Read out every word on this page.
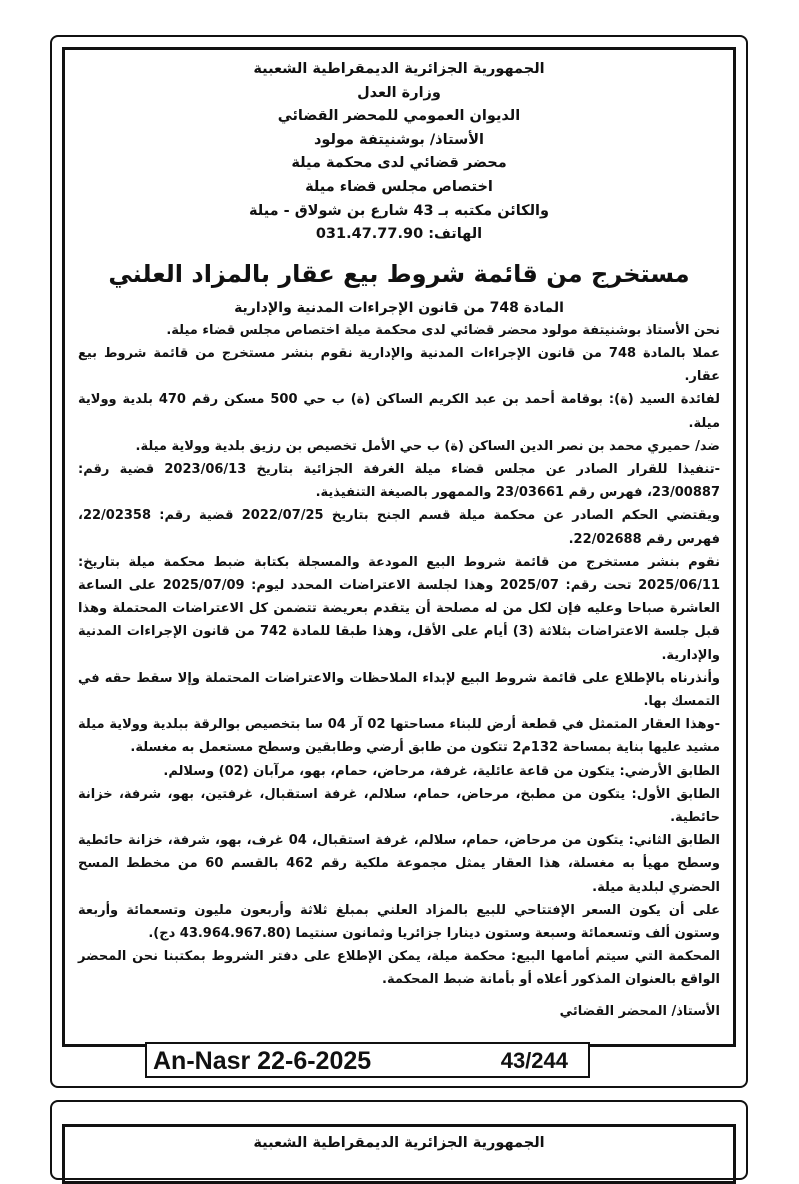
الجمهورية الجزائرية الديمقراطية الشعبية
وزارة العدل
الديوان العمومي للمحضر القضائي
الأستاذ/ بوشنيتفة مولود
محضر قضائي لدى محكمة ميلة
اختصاص مجلس قضاء ميلة
والكائن مكتبه بـ 43 شارع بن شولاق - ميلة
الهاتف: 031.47.77.90
مستخرج من قائمة شروط بيع عقار بالمزاد العلني
المادة 748 من قانون الإجراءات المدنية والإدارية

نحن الأستاذ بوشنيتفة مولود محضر قضائي لدى محكمة ميلة اختصاص مجلس قضاء ميلة.

عملا بالمادة 748 من قانون الإجراءات المدنية والإدارية نقوم بنشر مستخرج من قائمة شروط بيع عقار.

لفائدة السيد (ة): بوقامة أحمد بن عبد الكريم الساكن (ة) ب حي 500 مسكن رقم 470 بلدية وولاية ميلة.

ضد/ حميري محمد بن نصر الدين الساكن (ة) ب حي الأمل تخصيص بن رزيق بلدية وولاية ميلة.

-تنفيذا للقرار الصادر عن مجلس قضاء ميلة الغرفة الجزائية بتاريخ 2023/06/13 قضية رقم: 23/00887، فهرس رقم 23/03661 والممهور بالصيغة التنفيذية.

ويقتضي الحكم الصادر عن محكمة ميلة قسم الجنح بتاريخ 2022/07/25 قضية رقم: 22/02358، فهرس رقم 22/02688.

نقوم بنشر مستخرج من قائمة شروط البيع المودعة والمسجلة بكتابة ضبط محكمة ميلة بتاريخ: 2025/06/11 تحت رقم: 2025/07 وهذا لجلسة الاعتراضات المحدد ليوم: 2025/07/09 على الساعة العاشرة صباحا وعليه فإن لكل من له مصلحة أن يتقدم بعريضة تتضمن كل الاعتراضات المحتملة وهذا قبل جلسة الاعتراضات بثلاثة (3) أيام على الأقل، وهذا طبقا للمادة 742 من قانون الإجراءات المدنية والإدارية.

وأنذرناه بالإطلاع على قائمة شروط البيع لإبداء الملاحظات والاعتراضات المحتملة وإلا سقط حقه في التمسك بها.

-وهذا العقار المتمثل في قطعة أرض للبناء مساحتها 02 آر 04 سا بتخصيص بوالرقة ببلدية وولاية ميلة مشيد عليها بناية بمساحة 132م2 تتكون من طابق أرضي وطابقين وسطح مستعمل به مغسلة.

الطابق الأرضي: يتكون من قاعة عائلية، غرفة، مرحاض، حمام، بهو، مرآبان (02) وسلالم.

الطابق الأول: يتكون من مطبخ، مرحاض، حمام، سلالم، غرفة استقبال، غرفتين، بهو، شرفة، خزانة حائطية.

الطابق الثاني: يتكون من مرحاض، حمام، سلالم، غرفة استقبال، 04 غرف، بهو، شرفة، خزانة حائطية وسطح مهيأ به مغسلة، هذا العقار يمثل مجموعة ملكية رقم 462 بالقسم 60 من مخطط المسح الحضري لبلدية ميلة.

على أن يكون السعر الإفتتاحي للبيع بالمزاد العلني بمبلغ ثلاثة وأربعون مليون وتسعمائة وأربعة وستون ألف وتسعمائة وسبعة وستون دينارا جزائريا وثمانون سنتيما (43.964.967.80 دج).

المحكمة التي سيتم أمامها البيع: محكمة ميلة، يمكن الإطلاع على دفتر الشروط بمكتبنا نحن المحضر الواقع بالعنوان المذكور أعلاه أو بأمانة ضبط المحكمة.

الأستاذ/ المحضر القضائي
An-Nasr 22-6-2025	43/244
الجمهورية الجزائرية الديمقراطية الشعبية
